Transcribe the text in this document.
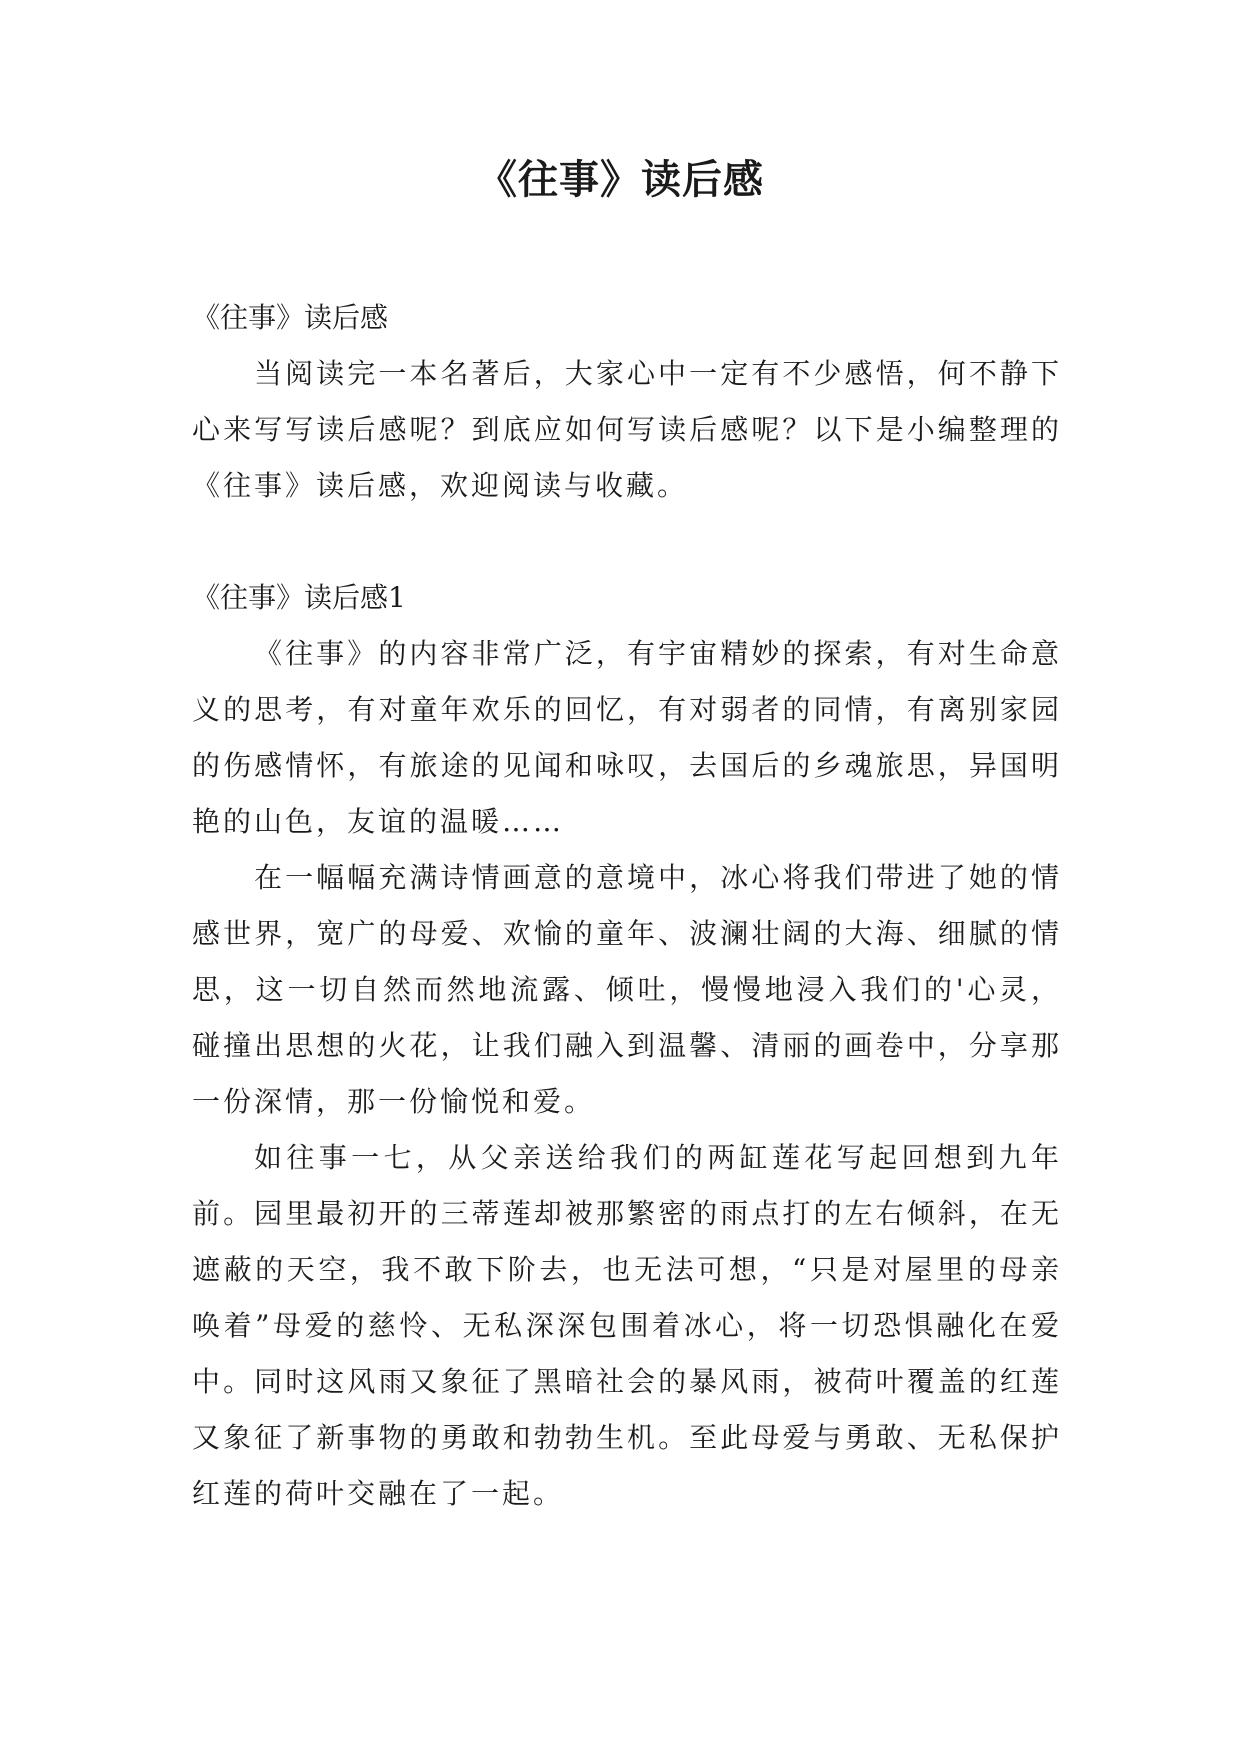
《往事》读后感

《往事》读后感

当阅读完一本名著后，大家心中一定有不少感悟，何不静下心来写写读后感呢？到底应如何写读后感呢？以下是小编整理的《往事》读后感，欢迎阅读与收藏。

《往事》读后感1

《往事》的内容非常广泛，有宇宙精妙的探索，有对生命意义的思考，有对童年欢乐的回忆，有对弱者的同情，有离别家园的伤感情怀，有旅途的见闻和咏叹，去国后的乡魂旅思，异国明艳的山色，友谊的温暖……

在一幅幅充满诗情画意的意境中，冰心将我们带进了她的情感世界，宽广的母爱、欢愉的童年、波澜壮阔的大海、细腻的情思，这一切自然而然地流露、倾吐，慢慢地浸入我们的'心灵，碰撞出思想的火花，让我们融入到温馨、清丽的画卷中，分享那一份深情，那一份愉悦和爱。

如往事一七，从父亲送给我们的两缸莲花写起回想到九年前。园里最初开的三蒂莲却被那繁密的雨点打的左右倾斜，在无遮蔽的天空，我不敢下阶去，也无法可想，“只是对屋里的母亲唤着”母爱的慈怜、无私深深包围着冰心，将一切恐惧融化在爱中。同时这风雨又象征了黑暗社会的暴风雨，被荷叶覆盖的红莲又象征了新事物的勇敢和勃勃生机。至此母爱与勇敢、无私保护红莲的荷叶交融在了一起。
